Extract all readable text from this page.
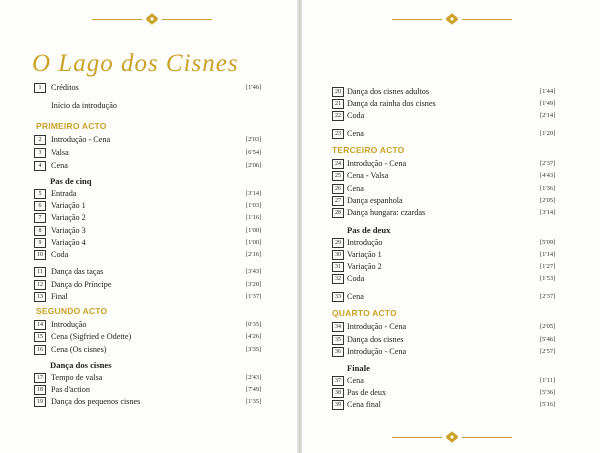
O Lago dos Cisnes
1	Créditos	[1'46]
Início da introdução
PRIMEIRO ACTO
2	Introdução - Cena	[2'03]
3	Valsa	[6'54]
4	Cena	[2'06]
Pas de cinq
5	Entrada	[3'14]
6	Variação 1	[1'03]
7	Variação 2	[1'16]
8	Variação 3	[1'00]
9	Variação 4	[1'00]
10 Coda	[2'16]
11 Dança das taças	[3'43]
12 Dança do Príncipe	[3'20]
13 Final	[1'37]
SEGUNDO ACTO
14 Introdução	[0'35]
15 Cena (Sigfried e Odette)	[4'26]
16 Cena (Os cisnes)	[3'35]
Dança dos cisnes
17 Tempo de valsa	[2'43]
18 Pas d'action	[7'49]
19 Dança dos pequenos cisnes	[1'35]
20 Dança dos cisnes adultos	[1'44]
21 Dança da rainha dos cisnes	[1'49]
22 Coda	[2'14]
23 Cena	[1'20]
TERCEIRO ACTO
24 Introdução - Cena	[2'37]
25 Cena - Valsa	[4'43]
26 Cena	[1'36]
27 Dança espanhola	[2'05]
28 Dança hungara: czardas	[3'14]
Pas de deux
29 Introdução	[5'09]
30 Variação 1	[1'14]
31 Variação 2	[1'27]
32 Coda	[1'53]
33 Cena	[2'37]
QUARTO ACTO
34 Introdução - Cena	[2'05]
35 Dança dos cisnes	[5'46]
36 Introdução - Cena	[2'57]
Finale
37 Cena	[1'11]
38 Pas de deux	[5'36]
39 Cena final	[5'16]
